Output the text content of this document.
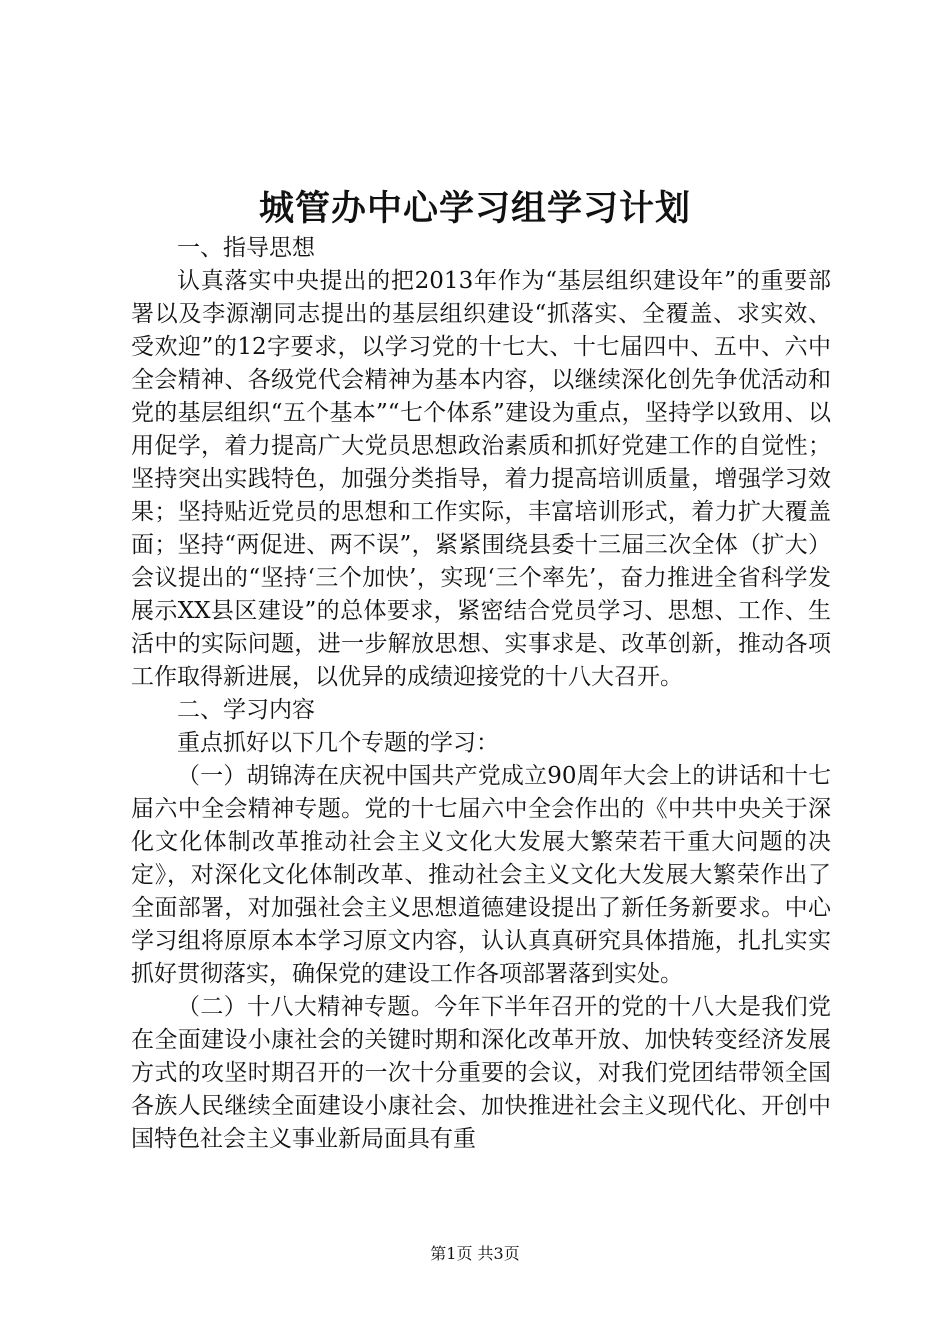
城管办中心学习组学习计划

一、指导思想

认真落实中央提出的把2013年作为“基层组织建设年”的重要部署以及李源潮同志提出的基层组织建设“抓落实、全覆盖、求实效、受欢迎”的12字要求，以学习党的十七大、十七届四中、五中、六中全会精神、各级党代会精神为基本内容，以继续深化创先争优活动和党的基层组织“五个基本”“七个体系”建设为重点，坚持学以致用、以用促学，着力提高广大党员思想政治素质和抓好党建工作的自觉性；坚持突出实践特色，加强分类指导，着力提高培训质量，增强学习效果；坚持贴近党员的思想和工作实际，丰富培训形式，着力扩大覆盖面；坚持“两促进、两不误”，紧紧围绕县委十三届三次全体（扩大）会议提出的“坚持‘三个加快’，实现‘三个率先’，奋力推进全省科学发展示XX县区建设”的总体要求，紧密结合党员学习、思想、工作、生活中的实际问题，进一步解放思想、实事求是、改革创新，推动各项工作取得新进展，以优异的成绩迎接党的十八大召开。

二、学习内容

重点抓好以下几个专题的学习：

（一）胡锦涛在庆祝中国共产党成立90周年大会上的讲话和十七届六中全会精神专题。党的十七届六中全会作出的《中共中央关于深化文化体制改革推动社会主义文化大发展大繁荣若干重大问题的决定》，对深化文化体制改革、推动社会主义文化大发展大繁荣作出了全面部署，对加强社会主义思想道德建设提出了新任务新要求。中心学习组将原原本本学习原文内容，认认真真研究具体措施，扎扎实实抓好贯彻落实，确保党的建设工作各项部署落到实处。

（二）十八大精神专题。今年下半年召开的党的十八大是我们党在全面建设小康社会的关键时期和深化改革开放、加快转变经济发展方式的攻坚时期召开的一次十分重要的会议，对我们党团结带领全国各族人民继续全面建设小康社会、加快推进社会主义现代化、开创中国特色社会主义事业新局面具有重

第1页 共3页
